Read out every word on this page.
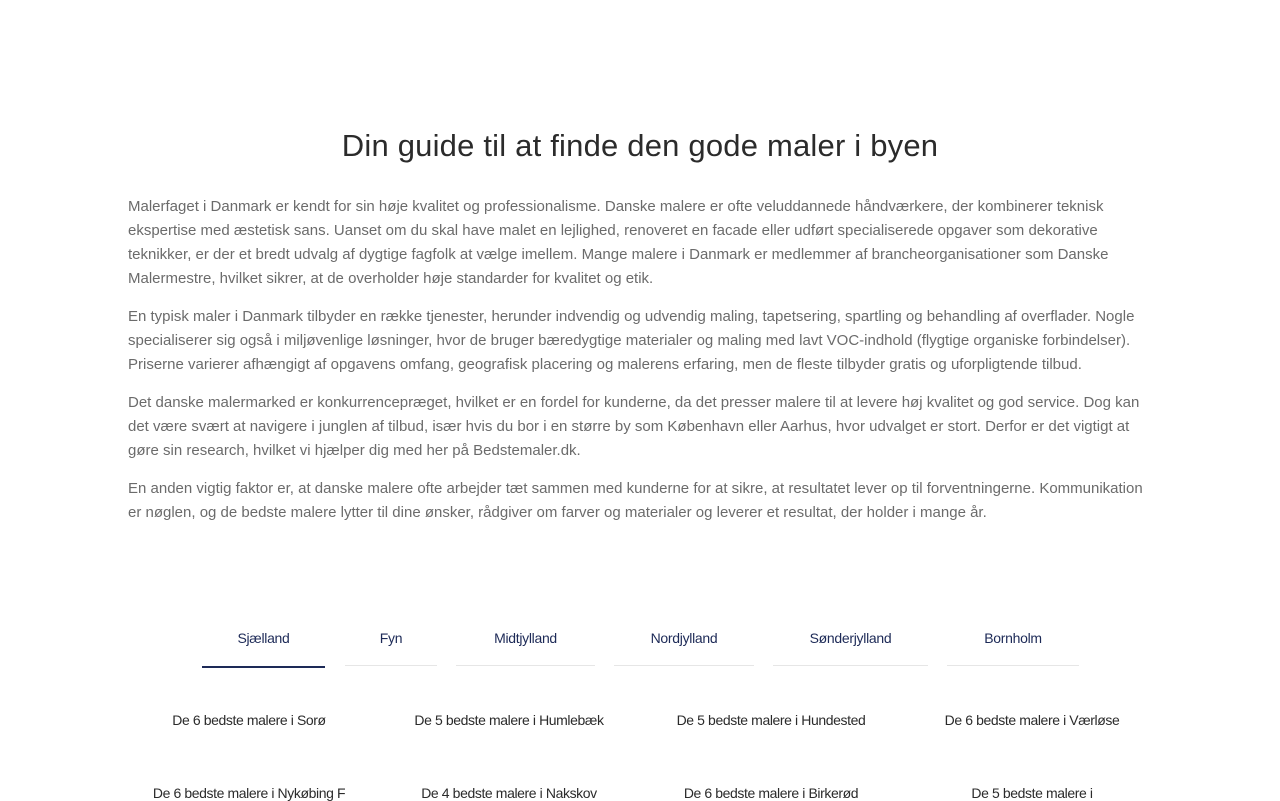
Din guide til at finde den gode maler i byen

Malerfaget i Danmark er kendt for sin høje kvalitet og professionalisme. Danske malere er ofte veluddannede håndværkere, der kombinerer teknisk ekspertise med æstetisk sans. Uanset om du skal have malet en lejlighed, renoveret en facade eller udført specialiserede opgaver som dekorative teknikker, er der et bredt udvalg af dygtige fagfolk at vælge imellem. Mange malere i Danmark er medlemmer af brancheorganisationer som Danske Malermestre, hvilket sikrer, at de overholder høje standarder for kvalitet og etik.

En typisk maler i Danmark tilbyder en række tjenester, herunder indvendig og udvendig maling, tapetsering, spartling og behandling af overflader. Nogle specialiserer sig også i miljøvenlige løsninger, hvor de bruger bæredygtige materialer og maling med lavt VOC-indhold (flygtige organiske forbindelser). Priserne varierer afhængigt af opgavens omfang, geografisk placering og malerens erfaring, men de fleste tilbyder gratis og uforpligtende tilbud.

Det danske malermarked er konkurrencepræget, hvilket er en fordel for kunderne, da det presser malere til at levere høj kvalitet og god service. Dog kan det være svært at navigere i junglen af tilbud, især hvis du bor i en større by som København eller Aarhus, hvor udvalget er stort. Derfor er det vigtigt at gøre sin research, hvilket vi hjælper dig med her på Bedstemaler.dk.

En anden vigtig faktor er, at danske malere ofte arbejder tæt sammen med kunderne for at sikre, at resultatet lever op til forventningerne. Kommunikation er nøglen, og de bedste malere lytter til dine ønsker, rådgiver om farver og materialer og leverer et resultat, der holder i mange år.

Sjælland	Fyn	Midtjylland	Nordjylland	Sønderjylland	Bornholm
De 6 bedste malere i Sorø	De 5 bedste malere i Humlebæk	De 5 bedste malere i Hundested	De 6 bedste malere i Værløse
De 6 bedste malere i Nykøbing F	De 4 bedste malere i Nakskov	De 6 bedste malere i Birkerød	De 5 bedste malere i
